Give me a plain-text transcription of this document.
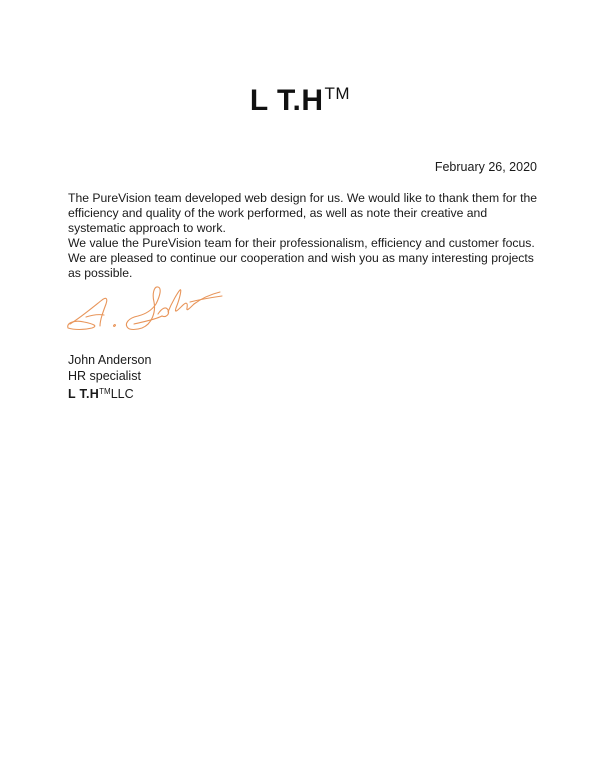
L T.H™
February 26, 2020

The PureVision team developed web design for us. We would like to thank them for the efficiency and quality of the work performed, as well as note their creative and systematic approach to work.

We value the PureVision team for their professionalism, efficiency and customer focus. We are pleased to continue our cooperation and wish you as many interesting projects as possible.

John Anderson
HR specialist
L T.H™LLC
